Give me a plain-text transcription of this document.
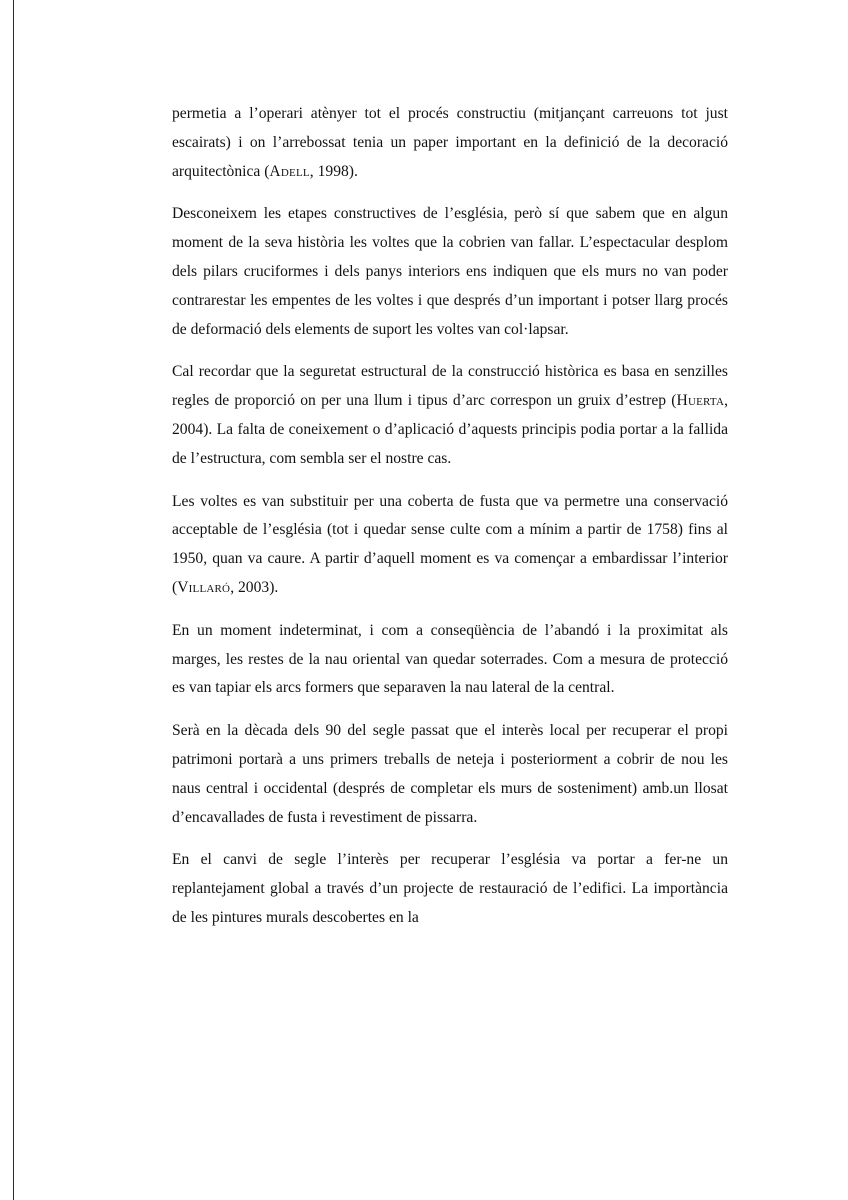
permetia a l’operari atènyer tot el procés constructiu (mitjançant carreuons tot just escairats) i on l’arrebossat tenia un paper important en la definició de la decoració arquitectònica (Adell, 1998).

Desconeixem les etapes constructives de l’església, però sí que sabem que en algun moment de la seva història les voltes que la cobrien van fallar. L’espectacular desplom dels pilars cruciformes i dels panys interiors ens indiquen que els murs no van poder contrarestar les empentes de les voltes i que després d’un important i potser llarg procés de deformació dels elements de suport les voltes van col·lapsar.

Cal recordar que la seguretat estructural de la construcció històrica es basa en senzilles regles de proporció on per una llum i tipus d’arc correspon un gruix d’estrep (Huerta, 2004). La falta de coneixement o d’aplicació d’aquests principis podia portar a la fallida de l’estructura, com sembla ser el nostre cas.

Les voltes es van substituir per una coberta de fusta que va permetre una conservació acceptable de l’església (tot i quedar sense culte com a mínim a partir de 1758) fins al 1950, quan va caure. A partir d’aquell moment es va començar a embardissar l’interior (Villaró, 2003).

En un moment indeterminat, i com a conseqüència de l’abandó i la proximitat als marges, les restes de la nau oriental van quedar soterrades. Com a mesura de protecció es van tapiar els arcs formers que separaven la nau lateral de la central.

Serà en la dècada dels 90 del segle passat que el interès local per recuperar el propi patrimoni portarà a uns primers treballs de neteja i posteriorment a cobrir de nou les naus central i occidental (després de completar els murs de sosteniment) amb.un llosat d’encavallades de fusta i revestiment de pissarra.

En el canvi de segle l’interès per recuperar l’església va portar a fer-ne un replantejament global a través d’un projecte de restauració de l’edifici. La importància de les pintures murals descobertes en la
